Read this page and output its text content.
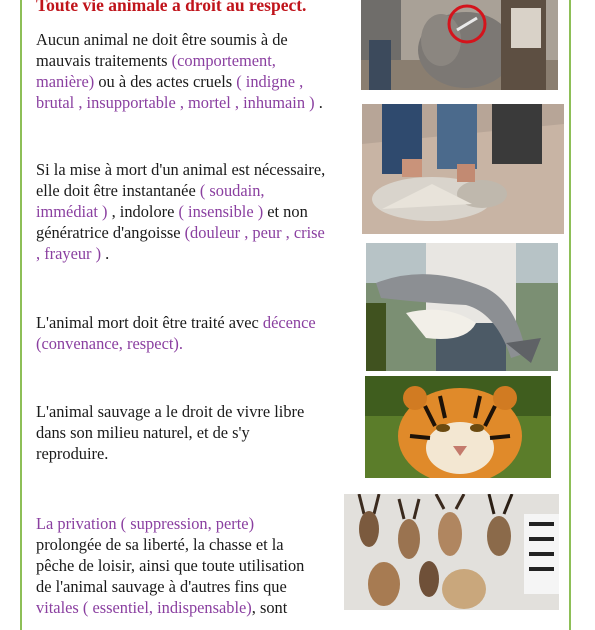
Toute vie animale a droit au respect.
Aucun animal ne doit être soumis à de
mauvais traitements (comportement,
manière) ou à des actes cruels ( indigne ,
brutal , insupportable , mortel , inhumain ) .
Si la mise à mort d'un animal est nécessaire,
elle doit être instantanée ( soudain,
immédiat ) , indolore ( insensible ) et non
génératrice d'angoisse (douleur , peur , crise
, frayeur ) .
L'animal mort doit être traité avec décence
(convenance, respect).
L'animal sauvage a le droit de vivre libre
dans son milieu naturel, et de s'y
reproduire.
La privation ( suppression, perte)
prolongée de sa liberté, la chasse et la
pêche de loisir, ainsi que toute utilisation
de l'animal sauvage à d'autres fins que
vitales ( essentiel, indispensable), sont
